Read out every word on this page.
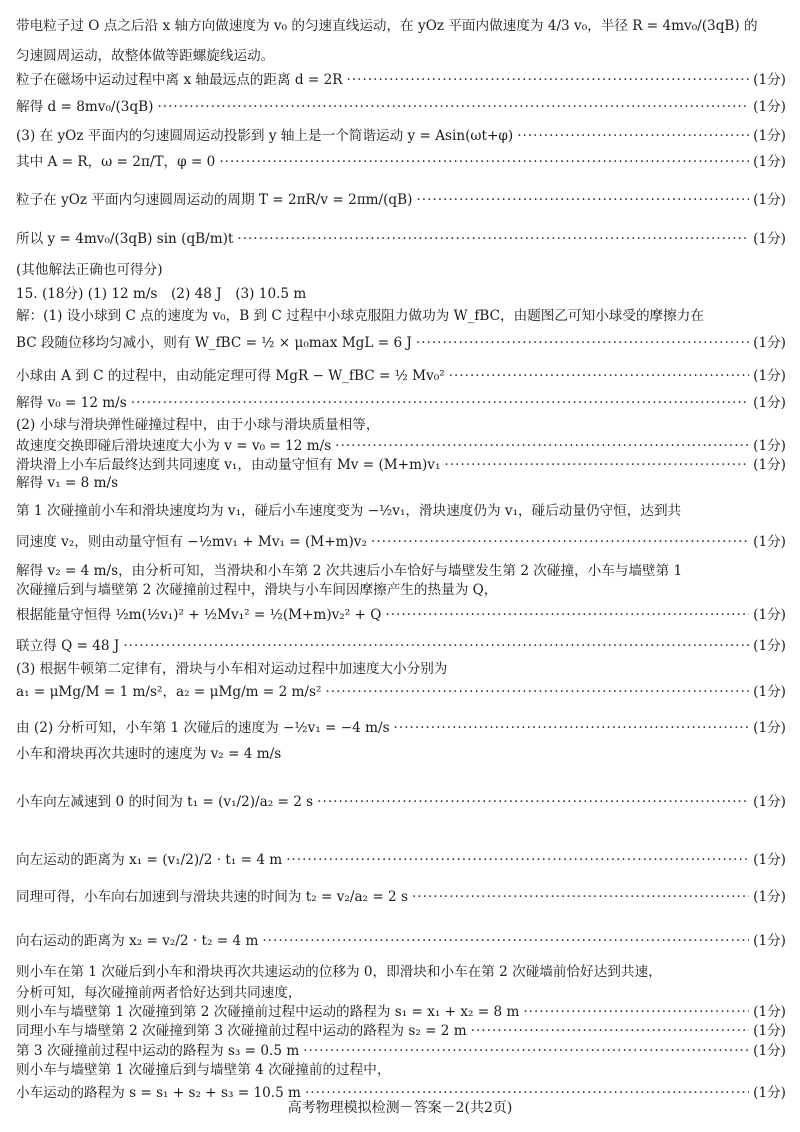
带电粒子过 O 点之后沿 x 轴方向做速度为 v₀ 的匀速直线运动，在 yOz 平面内做速度为 4/3 v₀，半径 R = 4mv₀/(3qB) 的
匀速圆周运动，故整体做等距螺旋线运动。
粒子在磁场中运动过程中离 x 轴最远点的距离 d = 2R ·····	(1分)
解得 d = 8mv₀/(3qB) ·····	(1分)
(3) 在 yOz 平面内的匀速圆周运动投影到 y 轴上是一个简谐运动 y = Asin(ωt+φ) ·····	(1分)
其中 A = R，ω = 2π/T，φ = 0 ·····	(1分)
粒子在 yOz 平面内匀速圆周运动的周期 T = 2πR/v = 2πm/(qB) ·····	(1分)
所以 y = 4mv₀/(3qB) sin (qB/m)t ·····	(1分)
(其他解法正确也可得分)
15. (18分) (1) 12 m/s　(2) 48 J　(3) 10.5 m
解：(1) 设小球到 C 点的速度为 v₀，B 到 C 过程中小球克服阻力做功为 W_fBC，由题图乙可知小球受的摩擦力在
BC 段随位移均匀减小，则有 W_fBC = ½ × μ₀max MgL = 6 J ·····	(1分)
小球由 A 到 C 的过程中，由动能定理可得 MgR − W_fBC = ½ Mv₀² ·····	(1分)
解得 v₀ = 12 m/s ·····	(1分)
(2) 小球与滑块弹性碰撞过程中，由于小球与滑块质量相等，
故速度交换即碰后滑块速度大小为 v = v₀ = 12 m/s ·····	(1分)
滑块滑上小车后最终达到共同速度 v₁，由动量守恒有 Mv = (M+m)v₁ ·····	(1分)
解得 v₁ = 8 m/s
第 1 次碰撞前小车和滑块速度均为 v₁，碰后小车速度变为 −½v₁，滑块速度仍为 v₁，碰后动量仍守恒，达到共
同速度 v₂，则由动量守恒有 −½mv₁ + Mv₁ = (M+m)v₂ ·····	(1分)
解得 v₂ = 4 m/s，由分析可知，当滑块和小车第 2 次共速后小车恰好与墙壁发生第 2 次碰撞，小车与墙壁第 1
次碰撞后到与墙壁第 2 次碰撞前过程中，滑块与小车间因摩擦产生的热量为 Q，
根据能量守恒得 ½m(½v₁)² + ½Mv₁² = ½(M+m)v₂² + Q ·····	(1分)
联立得 Q = 48 J ·····	(1分)
(3) 根据牛顿第二定律有，滑块与小车相对运动过程中加速度大小分别为
a₁ = μMg/M = 1 m/s²，a₂ = μMg/m = 2 m/s² ·····	(1分)
由 (2) 分析可知，小车第 1 次碰后的速度为 −½v₁ = −4 m/s ·····	(1分)
小车和滑块再次共速时的速度为 v₂ = 4 m/s
小车向左减速到 0 的时间为 t₁ = (v₁/2)/a₂ = 2 s ·····	(1分)
向左运动的距离为 x₁ = (v₁/2)/2 · t₁ = 4 m ·····	(1分)
同理可得，小车向右加速到与滑块共速的时间为 t₂ = v₂/a₂ = 2 s ·····	(1分)
向右运动的距离为 x₂ = v₂/2 · t₂ = 4 m ·····	(1分)
则小车在第 1 次碰后到小车和滑块再次共速运动的位移为 0，即滑块和小车在第 2 次碰墙前恰好达到共速，
分析可知，每次碰撞前两者恰好达到共同速度，
则小车与墙壁第 1 次碰撞到第 2 次碰撞前过程中运动的路程为 s₁ = x₁ + x₂ = 8 m ·····	(1分)
同理小车与墙壁第 2 次碰撞到第 3 次碰撞前过程中运动的路程为 s₂ = 2 m ·····	(1分)
第 3 次碰撞前过程中运动的路程为 s₃ = 0.5 m ·····	(1分)
则小车与墙壁第 1 次碰撞后到与墙壁第 4 次碰撞前的过程中，
小车运动的路程为 s = s₁ + s₂ + s₃ = 10.5 m ·····	(1分)
高考物理模拟检测－答案－2(共2页)
